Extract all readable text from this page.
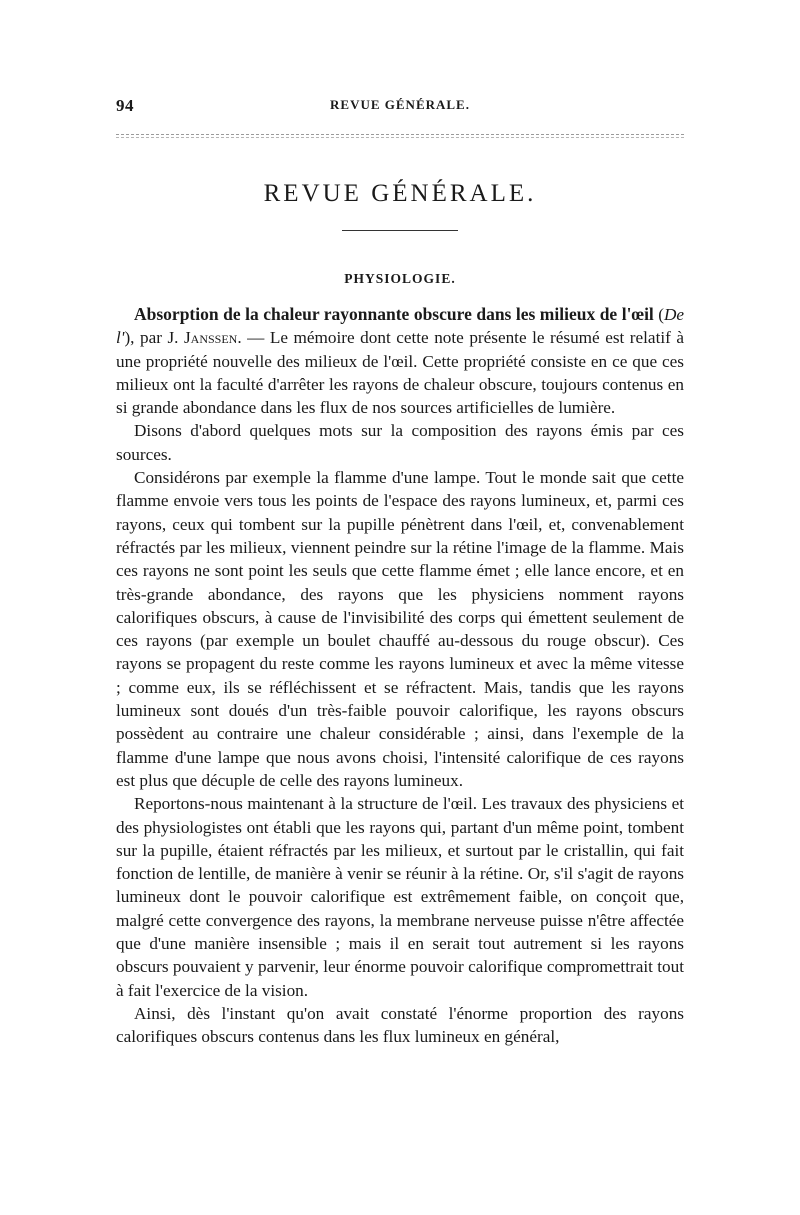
94	REVUE GÉNÉRALE.
REVUE GÉNÉRALE.
PHYSIOLOGIE.

Absorption de la chaleur rayonnante obscure dans les milieux de l'œil (De l'), par J. Janssen. — Le mémoire dont cette note présente le résumé est relatif à une propriété nouvelle des milieux de l'œil. Cette propriété consiste en ce que ces milieux ont la faculté d'arrêter les rayons de chaleur obscure, toujours contenus en si grande abondance dans les flux de nos sources artificielles de lumière.

Disons d'abord quelques mots sur la composition des rayons émis par ces sources.

Considérons par exemple la flamme d'une lampe. Tout le monde sait que cette flamme envoie vers tous les points de l'espace des rayons lumineux, et, parmi ces rayons, ceux qui tombent sur la pupille pénètrent dans l'œil, et, convenablement réfractés par les milieux, viennent peindre sur la rétine l'image de la flamme. Mais ces rayons ne sont point les seuls que cette flamme émet ; elle lance encore, et en très-grande abondance, des rayons que les physiciens nomment rayons calorifiques obscurs, à cause de l'invisibilité des corps qui émettent seulement de ces rayons (par exemple un boulet chauffé au-dessous du rouge obscur). Ces rayons se propagent du reste comme les rayons lumineux et avec la même vitesse ; comme eux, ils se réfléchissent et se réfractent. Mais, tandis que les rayons lumineux sont doués d'un très-faible pouvoir calorifique, les rayons obscurs possèdent au contraire une chaleur considérable ; ainsi, dans l'exemple de la flamme d'une lampe que nous avons choisi, l'intensité calorifique de ces rayons est plus que décuple de celle des rayons lumineux.

Reportons-nous maintenant à la structure de l'œil. Les travaux des physiciens et des physiologistes ont établi que les rayons qui, partant d'un même point, tombent sur la pupille, étaient réfractés par les milieux, et surtout par le cristallin, qui fait fonction de lentille, de manière à venir se réunir à la rétine. Or, s'il s'agit de rayons lumineux dont le pouvoir calorifique est extrêmement faible, on conçoit que, malgré cette convergence des rayons, la membrane nerveuse puisse n'être affectée que d'une manière insensible ; mais il en serait tout autrement si les rayons obscurs pouvaient y parvenir, leur énorme pouvoir calorifique compromettrait tout à fait l'exercice de la vision.

Ainsi, dès l'instant qu'on avait constaté l'énorme proportion des rayons calorifiques obscurs contenus dans les flux lumineux en général,
